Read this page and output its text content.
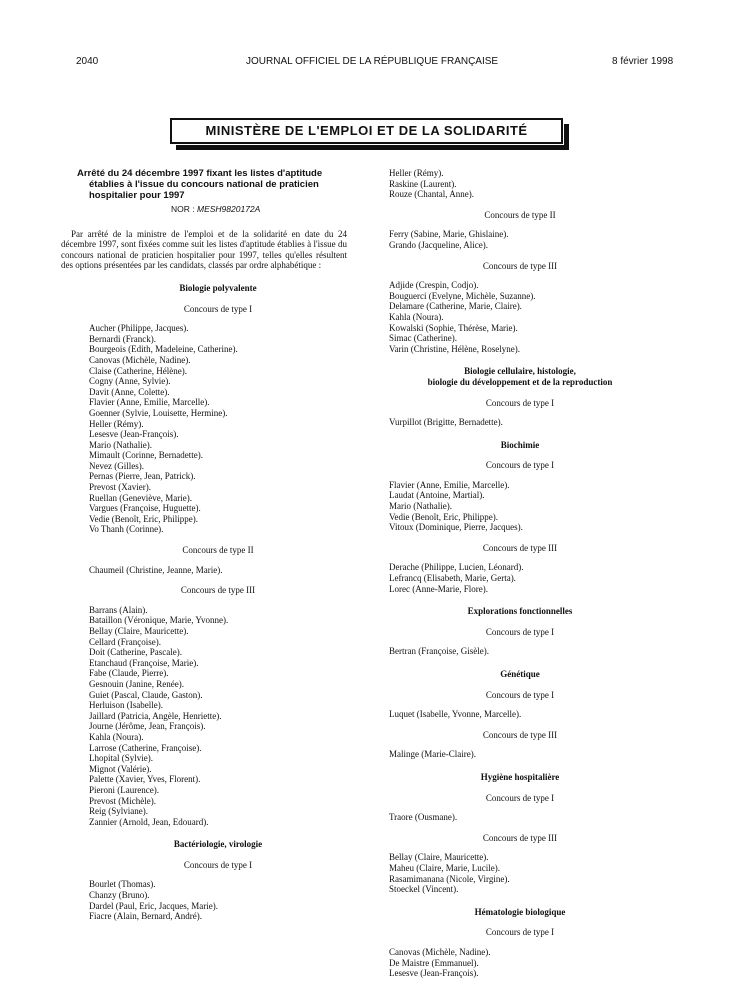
2040	JOURNAL OFFICIEL DE LA RÉPUBLIQUE FRANÇAISE	8 février 1998
MINISTÈRE DE L'EMPLOI ET DE LA SOLIDARITÉ
Arrêté du 24 décembre 1997 fixant les listes d'aptitude établies à l'issue du concours national de praticien hospitalier pour 1997
NOR : MESH9820172A
Par arrêté de la ministre de l'emploi et de la solidarité en date du 24 décembre 1997, sont fixées comme suit les listes d'aptitude établies à l'issue du concours national de praticien hospitalier pour 1997, telles qu'elles résultent des options présentées par les candidats, classés par ordre alphabétique :
Biologie polyvalente
Concours de type I
Aucher (Philippe, Jacques).
Bernardi (Franck).
Bourgeois (Edith, Madeleine, Catherine).
Canovas (Michèle, Nadine).
Claise (Catherine, Hélène).
Cogny (Anne, Sylvie).
Davit (Anne, Colette).
Flavier (Anne, Emilie, Marcelle).
Goenner (Sylvie, Louisette, Hermine).
Heller (Rémy).
Lesesve (Jean-François).
Mario (Nathalie).
Mimault (Corinne, Bernadette).
Nevez (Gilles).
Pernas (Pierre, Jean, Patrick).
Prevost (Xavier).
Ruellan (Geneviève, Marie).
Vargues (Françoise, Huguette).
Vedie (Benoît, Eric, Philippe).
Vo Thanh (Corinne).
Concours de type II
Chaumeil (Christine, Jeanne, Marie).
Concours de type III
Barrans (Alain).
Bataillon (Véronique, Marie, Yvonne).
Bellay (Claire, Mauricette).
Cellard (Françoise).
Doit (Catherine, Pascale).
Etanchaud (Françoise, Marie).
Fabe (Claude, Pierre).
Gesnouin (Janine, Renée).
Guiet (Pascal, Claude, Gaston).
Herluison (Isabelle).
Jaillard (Patricia, Angèle, Henriette).
Journe (Jérôme, Jean, François).
Kahla (Noura).
Larrose (Catherine, Françoise).
Lhopital (Sylvie).
Mignot (Valérie).
Palette (Xavier, Yves, Florent).
Pieroni (Laurence).
Prevost (Michèle).
Reig (Sylviane).
Zannier (Arnold, Jean, Edouard).
Bactériologie, virologie
Concours de type I
Bourlet (Thomas).
Chanzy (Bruno).
Dardel (Paul, Eric, Jacques, Marie).
Fiacre (Alain, Bernard, André).
Heller (Rémy).
Raskine (Laurent).
Rouze (Chantal, Anne).
Concours de type II
Ferry (Sabine, Marie, Ghislaine).
Grando (Jacqueline, Alice).
Concours de type III
Adjide (Crespin, Codjo).
Bouguerci (Evelyne, Michèle, Suzanne).
Delamare (Catherine, Marie, Claire).
Kahla (Noura).
Kowalski (Sophie, Thérèse, Marie).
Simac (Catherine).
Varin (Christine, Hélène, Roselyne).
Biologie cellulaire, histologie,
biologie du développement et de la reproduction
Concours de type I
Vurpillot (Brigitte, Bernadette).
Biochimie
Concours de type I
Flavier (Anne, Emilie, Marcelle).
Laudat (Antoine, Martial).
Mario (Nathalie).
Vedie (Benoît, Eric, Philippe).
Vitoux (Dominique, Pierre, Jacques).
Concours de type III
Derache (Philippe, Lucien, Léonard).
Lefrancq (Elisabeth, Marie, Gerta).
Lorec (Anne-Marie, Flore).
Explorations fonctionnelles
Concours de type I
Bertran (Françoise, Gisèle).
Génétique
Concours de type I
Luquet (Isabelle, Yvonne, Marcelle).
Concours de type III
Malinge (Marie-Claire).
Hygiène hospitalière
Concours de type I
Traore (Ousmane).
Concours de type III
Bellay (Claire, Mauricette).
Maheu (Claire, Marie, Lucile).
Rasamimanana (Nicole, Virgine).
Stoeckel (Vincent).
Hématologie biologique
Concours de type I
Canovas (Michèle, Nadine).
De Maistre (Emmanuel).
Lesesve (Jean-François).
